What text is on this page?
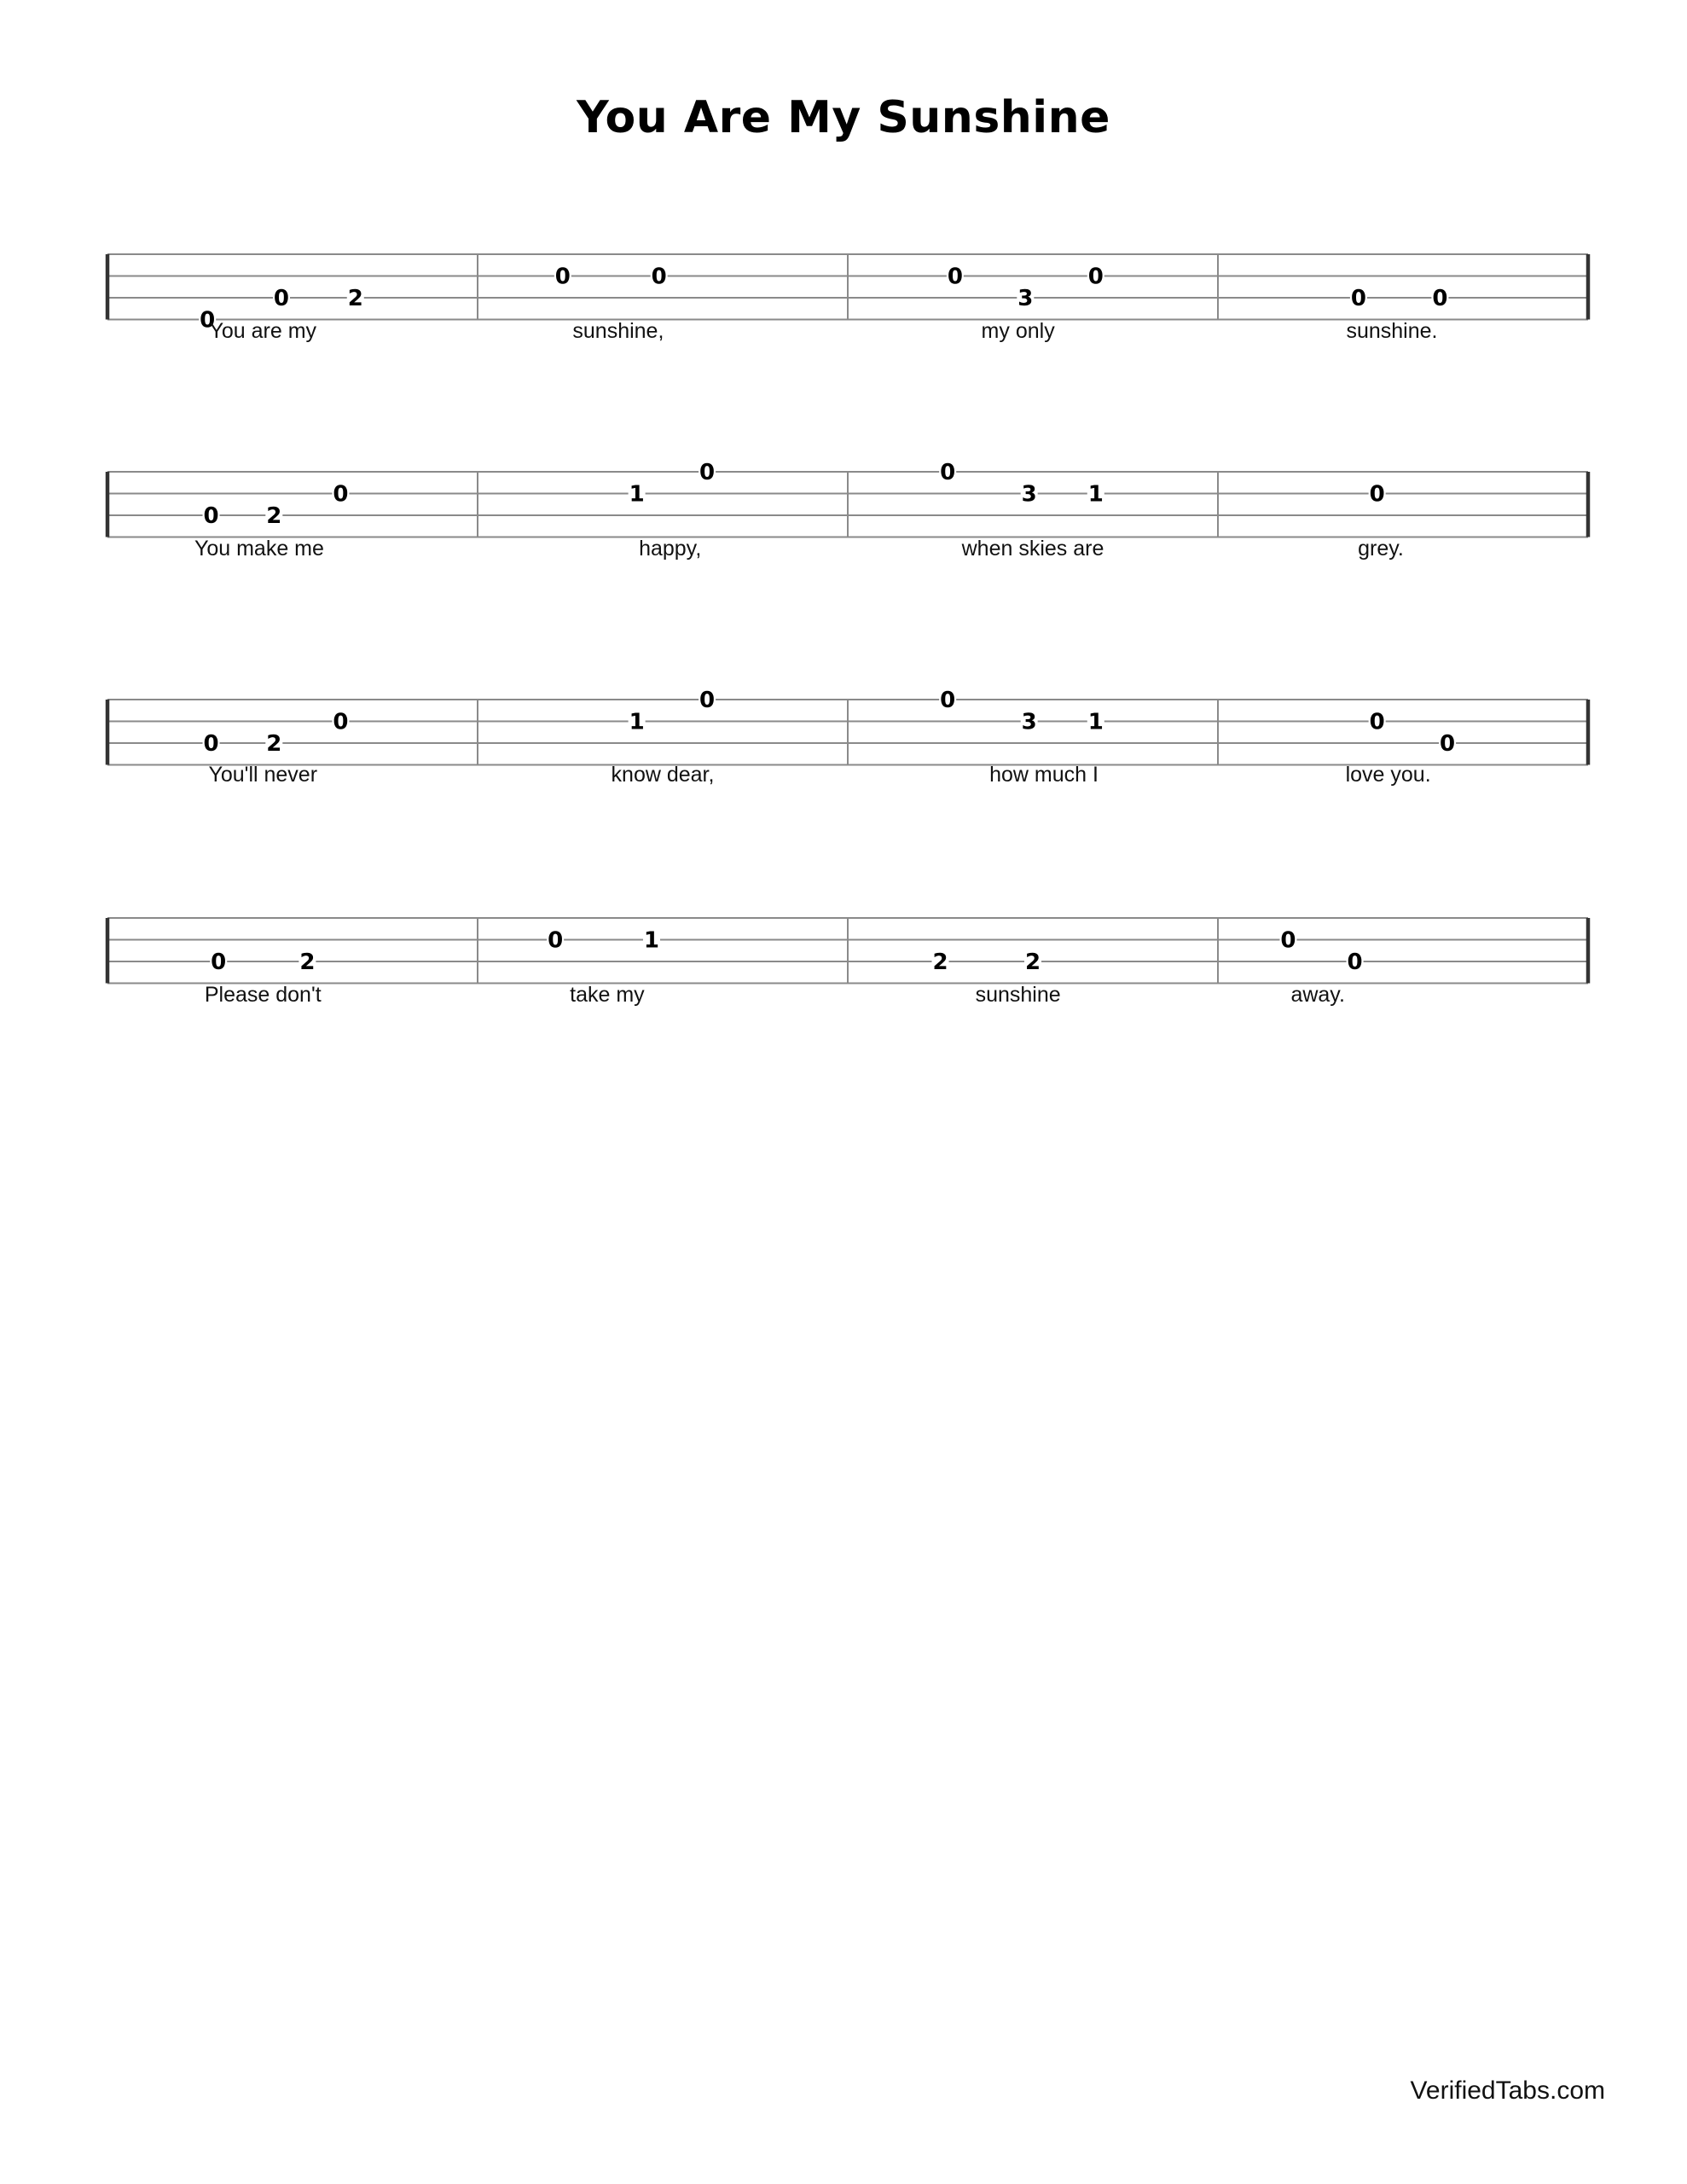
You Are My Sunshine
0
0	2
0	0	0
3
0
0	0
You are my	sunshine,	my only	sunshine.
0 2
0	1
0	0
3 1	0
You make me	happy,	when skies are	grey.
0 2
0	1
0	0
3 1	0
0
You'll never	know dear,	how much I	love you.
0	2
0	1
2	2
0
0
Please don't	take my	sunshine	away.
VerifiedTabs.com
